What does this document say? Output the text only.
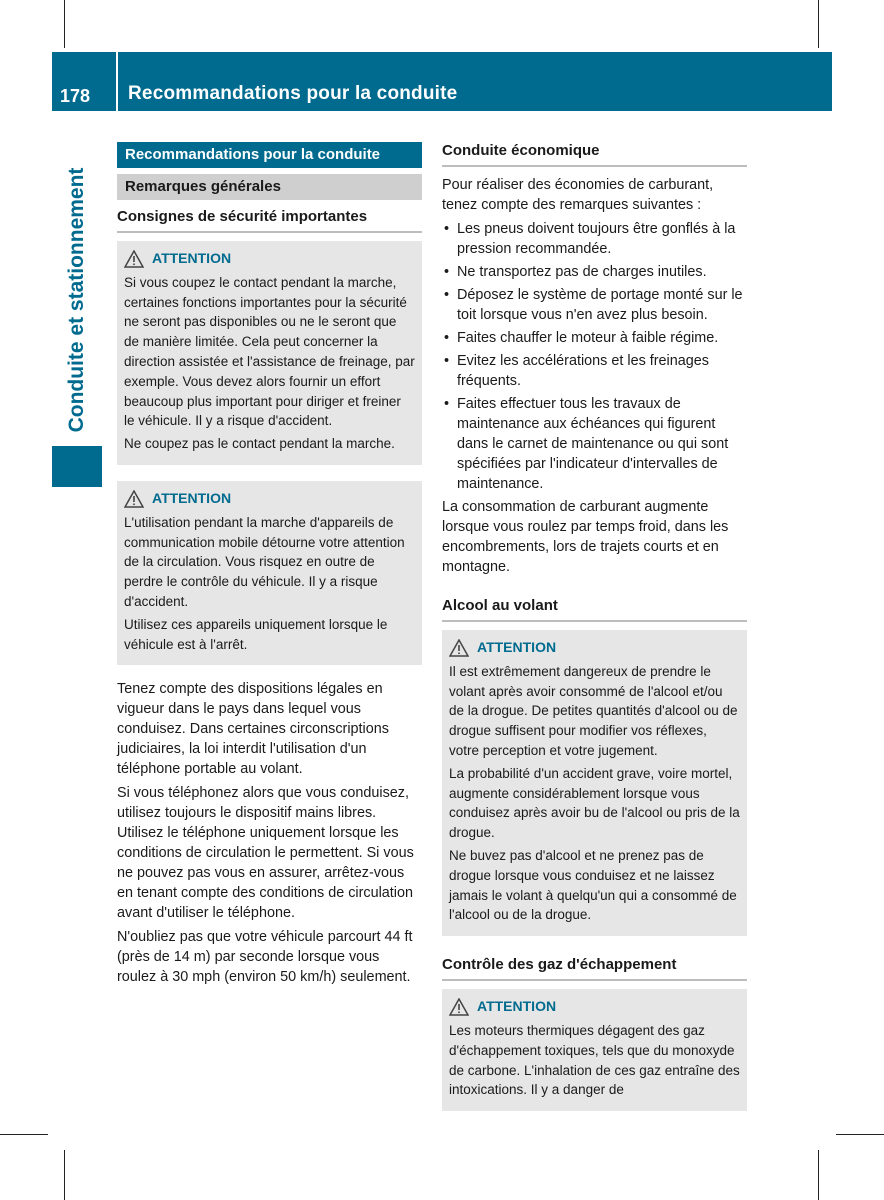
178 Recommandations pour la conduite
Conduite et stationnement
Recommandations pour la conduite
Remarques générales
Consignes de sécurité importantes
ATTENTION

Si vous coupez le contact pendant la marche, certaines fonctions importantes pour la sécurité ne seront pas disponibles ou ne le seront que de manière limitée. Cela peut concerner la direction assistée et l'assistance de freinage, par exemple. Vous devez alors fournir un effort beaucoup plus important pour diriger et freiner le véhicule. Il y a risque d'accident.

Ne coupez pas le contact pendant la marche.

ATTENTION

L'utilisation pendant la marche d'appareils de communication mobile détourne votre attention de la circulation. Vous risquez en outre de perdre le contrôle du véhicule. Il y a risque d'accident.

Utilisez ces appareils uniquement lorsque le véhicule est à l'arrêt.

Tenez compte des dispositions légales en vigueur dans le pays dans lequel vous conduisez. Dans certaines circonscriptions judiciaires, la loi interdit l'utilisation d'un téléphone portable au volant.

Si vous téléphonez alors que vous conduisez, utilisez toujours le dispositif mains libres. Utilisez le téléphone uniquement lorsque les conditions de circulation le permettent. Si vous ne pouvez pas vous en assurer, arrêtez-vous en tenant compte des conditions de circulation avant d'utiliser le téléphone.

N'oubliez pas que votre véhicule parcourt 44 ft (près de 14 m) par seconde lorsque vous roulez à 30 mph (environ 50 km/h) seulement.

Conduite économique

Pour réaliser des économies de carburant, tenez compte des remarques suivantes :

• Les pneus doivent toujours être gonflés à la pression recommandée.
• Ne transportez pas de charges inutiles.
• Déposez le système de portage monté sur le toit lorsque vous n'en avez plus besoin.
• Faites chauffer le moteur à faible régime.
• Evitez les accélérations et les freinages fréquents.
• Faites effectuer tous les travaux de maintenance aux échéances qui figurent dans le carnet de maintenance ou qui sont spécifiées par l'indicateur d'intervalles de maintenance.

La consommation de carburant augmente lorsque vous roulez par temps froid, dans les encombrements, lors de trajets courts et en montagne.

Alcool au volant
ATTENTION

Il est extrêmement dangereux de prendre le volant après avoir consommé de l'alcool et/ou de la drogue. De petites quantités d'alcool ou de drogue suffisent pour modifier vos réflexes, votre perception et votre jugement.

La probabilité d'un accident grave, voire mortel, augmente considérablement lorsque vous conduisez après avoir bu de l'alcool ou pris de la drogue.

Ne buvez pas d'alcool et ne prenez pas de drogue lorsque vous conduisez et ne laissez jamais le volant à quelqu'un qui a consommé de l'alcool ou de la drogue.

Contrôle des gaz d'échappement
ATTENTION

Les moteurs thermiques dégagent des gaz d'échappement toxiques, tels que du monoxyde de carbone. L'inhalation de ces gaz entraîne des intoxications. Il y a danger de
